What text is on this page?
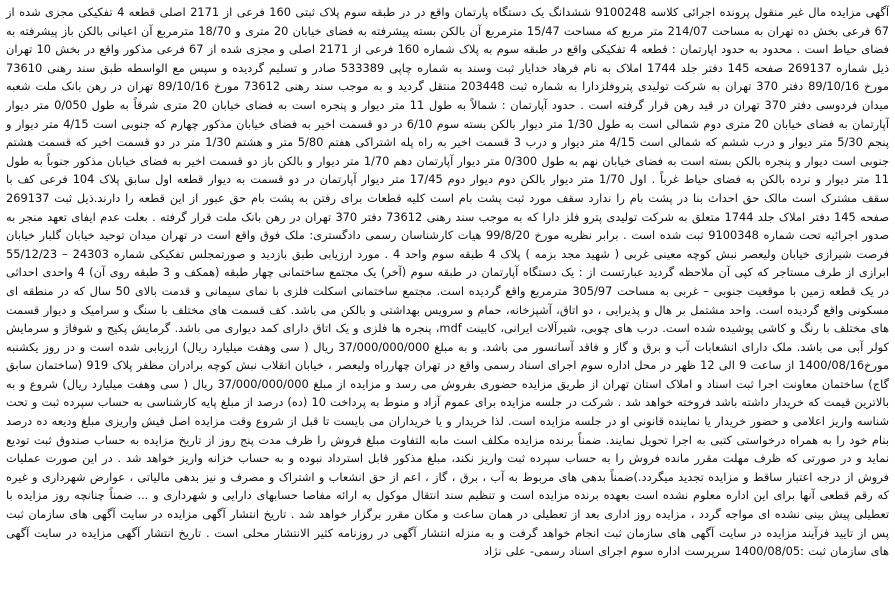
آگهی مزایده مال غیر منقول پرونده اجرائی کلاسه 9100248 ششدانگ یک دستگاه پارتمان واقع در در طبقه سوم پلاک ثبتی 160 فرعی از 2171 اصلی قطعه 4 تفکیکی مجزی شده از 67 فرعی بخش ده تهران به مساحت 214/07 متر مربع که مساحت 15/47 مترمربع آن بالکن بسته پیشرفته به فضای خیابان 20 متری و 18/70 مترمربع آن اعیانی بالکن باز پیشرفته به فضای حیاط است . محدود به حدود اپارتمان : قطعه 4 تفکیکی واقع در طبقه سوم به پلاک شماره 160 فرعی از 2171 اصلی و مجزی شده از 67 فرعی مذکور واقع در بخش 10 تهران ذیل شماره 269137 صفحه 145 دفتر جلد 1744 املاک به نام فرهاد خدایار ثبت وسند به شماره چاپی 533389 صادر و تسلیم گردیده و سپس مع الواسطه طبق سند رهنی 73610 مورخ 89/10/16 دفتر 370 تهران به شرکت تولیدی پتروفلزدارا به شماره ثبت 203448 منتقل گردید و به موجب سند رهنی 73612 مورخ 89/10/16 تهران در رهن بانک ملت شعبه میدان فردوسی دفتر 370 تهران در قید رهن قرار گرفته است . حدود آپارتمان : شمالاً به طول 11 متر دیوار و پنجره است به فضای خیابان 20 متری شرقاً به طول 0/050 متر دیوار آپارتمان به فضای خیابان 20 متری دوم شمالی است به طول 1/30 متر دیوار بالکن بسته سوم 6/10 در دو قسمت اخیر به فضای خیابان مذکور چهارم که جنوبی است 4/15 متر دیوار و پنجم 5/30 متر دیوار و درب ششم که شمالی است 4/15 متر دیوار و درب 3 قسمت اخیر به راه پله اشتراکی هفتم 5/80 متر و هشتم 1/30 متر در دو قسمت اخیر که قسمت هشتم جنوبی است دیوار و پنجره بالکن بسته است به فضای خیابان نهم به طول 0/300 متر دیوار آپارتمان دهم 1/70 متر دیوار و بالکن باز دو قسمت اخیر به فضای خیابان مذکور جنوباً به طول 11 متر دیوار و نرده بالکن به فضای حیاط غرباً . اول 1/70 متر دیوار بالکن دوم دیوار دوم 17/45 متر دیوار آپارتمان در دو قسمت به دیوار قطعه اول سابق پلاک 104 فرعی کف با سقف مشترک است مالک حق احداث بنا در پشت بام را ندارد سقف مورد ثبت پشت بام است کلیه قطعات برای رفتن به پشت بام حق عبور از این قطعه را دارند.ذیل ثبت 269137 صفحه 145 دفتر املاک جلد 1744 متعلق به شرکت تولیدی پترو فلز دارا که به موجب سند رهنی 73612 دفتر 370 تهران در رهن بانک ملت قرار گرفته . بعلت عدم ایفای تعهد منجر به صدور اجرائیه تحت شماره 9100348 ثبت شده است . برابر نظریه مورخ 99/8/20 هیات کارشناسان رسمی دادگستری: ملک فوق واقع است در تهران میدان توحید خیابان گلبار خیابان فرصت شیرازی خیابان ولیعصر نبش کوچه معینی غربی ( شهید مجد بزمه ) پلاک 4 طبقه سوم واحد 4 . مورد ارزیابی طبق بازدید و صورتمجلس تفکیکی شماره 24303 – 55/12/23 ابرازی از طرف مستاجر که کپی آن ملاحظه گردید عبارتست از : یک دستگاه آپارتمان در طبقه سوم (آخر) یک مجتمع ساختمانی چهار طبقه (همکف و 3 طبقه روی آن) 4 واحدی احداثی در یک قطعه زمین با موقعیت جنوبی – غربی به مساحت 305/97 مترمربع واقع گردیده است. مجتمع ساختمانی اسکلت فلزی با نمای سیمانی و قدمت بالای 50 سال که در منطقه ای مسکونی واقع گردیده است. واحد مشتمل بر هال و پذیرایی ، دو اتاق، آشپزخانه، حمام و سرویس بهداشتی و بالکن می باشد. کف قسمت های مختلف با سنگ و سرامیک و دیوار قسمت های مختلف با رنگ و کاشی پوشیده شده است. درب های چوبی، شیرآلات ایرانی، کابینت mdf، پنجره ها فلزی و یک اتاق دارای کمد دیواری می باشد. گرمایش پکیج و شوفاژ و سرمایش کولر آبی می باشد. ملک دارای انشعابات آب و برق و گاز و فاقد آسانسور می باشد. و به مبلغ 37/000/000/000 ریال ( سی وهفت میلیارد ریال) ارزیابی شده است و در روز یکشنبه مورخ1400/08/16 از ساعت 9 الی 12 ظهر در محل اداره سوم اجرای اسناد رسمی واقع در تهران چهارراه ولیعصر ، خیابان انقلاب نبش کوچه برادران مظفر پلاک 919 (ساختمان سابق گاج) ساختمان معاونت اجرا ثبت اسناد و املاک استان تهران از طریق مزایده حضوری بفروش می رسد و مزایده از مبلغ 37/000/000/000 ریال ( سی وهفت میلیارد ریال) شروع و به بالاترین قیمت که خریدار داشته باشد فروخته خواهد شد . شرکت در جلسه مزایده برای عموم آزاد و منوط به پرداخت 10 (ده) درصد از مبلغ پایه کارشناسی به حساب سپرده ثبت و تحت شناسه واریز اعلامی و حضور خریدار یا نماینده قانونی او در جلسه مزایده است. لذا خریدار و یا خریداران می بایست تا قبل از شروع وقت مزایده اصل فیش واریزی مبلغ ودیعه ده درصد بنام خود را به همراه درخواستی کتبی به اجرا تحویل نمایند. ضمناً برنده مزایده مکلف است مابه التفاوت مبلغ فروش را ظرف مدت پنج روز از تاریخ مزایده به حساب صندوق ثبت تودیع نماید و در صورتی که ظرف مهلت مقرر مانده فروش را به حساب سپرده ثبت واریز نکند، مبلغ مذکور قابل استرداد نبوده و به حساب خزانه واریز خواهد شد . در این صورت عملیات فروش از درجه اعتبار ساقط و مزایده تجدید میگردد.)ضمناً بدهی های مربوط به آب ، برق ، گاز ، اعم از حق انشعاب و اشتراک و مصرف و نیز بدهی مالیاتی ، عوارض شهرداری و غیره که رقم قطعی آنها برای این اداره معلوم نشده است بعهده برنده مزایده است و تنظیم سند انتقال موکول به ارائه مفاصا حسابهای دارایی و شهرداری و ... ضمناً چنانچه روز مزایده با تعطیلی پیش بینی نشده ای مواجه گردد ، مزایده روز اداری بعد از تعطیلی در همان ساعت و مکان مقرر برگزار خواهد شد . تاریخ انتشار آگهی مزایده در سایت آگهی های سازمان ثبت پس از تایید فرآیند مزایده در سایت آگهی های سازمان ثبت انجام خواهد گرفت و به منزله انتشار آگهی در روزنامه کثیر الانتشار محلی است . تاریخ انتشار آگهی مزایده در سایت آگهی های سازمان ثبت :1400/08/05 سرپرست اداره سوم اجرای اسناد رسمی- علی نژاد
